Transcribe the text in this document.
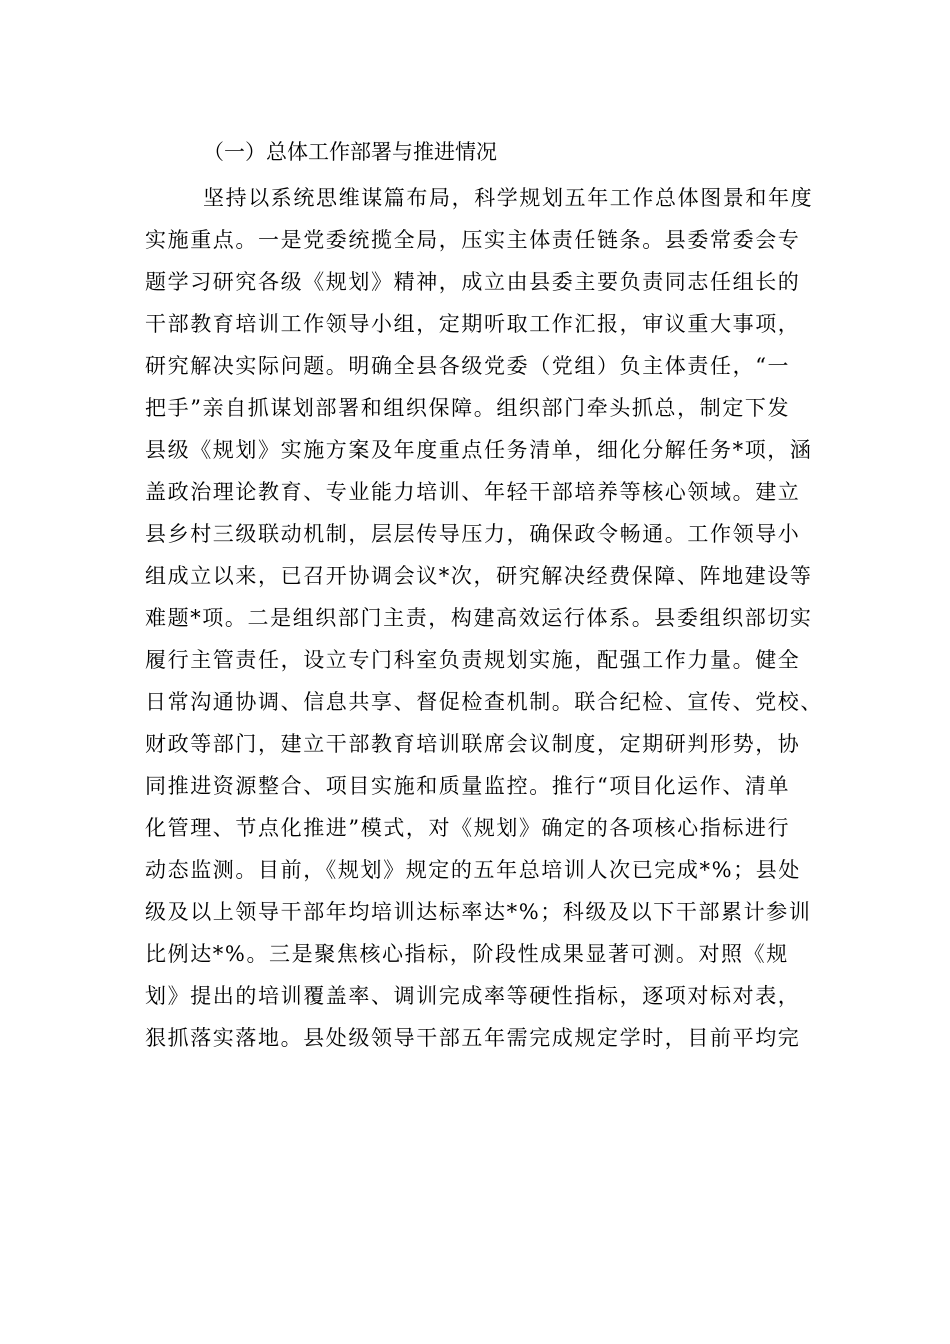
（一）总体工作部署与推进情况
坚持以系统思维谋篇布局，科学规划五年工作总体图景和年度
实施重点。一是党委统揽全局，压实主体责任链条。县委常委会专
题学习研究各级《规划》精神，成立由县委主要负责同志任组长的
干部教育培训工作领导小组，定期听取工作汇报，审议重大事项，
研究解决实际问题。明确全县各级党委（党组）负主体责任，“一
把手”亲自抓谋划部署和组织保障。组织部门牵头抓总，制定下发
县级《规划》实施方案及年度重点任务清单，细化分解任务*项，涵
盖政治理论教育、专业能力培训、年轻干部培养等核心领域。建立
县乡村三级联动机制，层层传导压力，确保政令畅通。工作领导小
组成立以来，已召开协调会议*次，研究解决经费保障、阵地建设等
难题*项。二是组织部门主责，构建高效运行体系。县委组织部切实
履行主管责任，设立专门科室负责规划实施，配强工作力量。健全
日常沟通协调、信息共享、督促检查机制。联合纪检、宣传、党校、
财政等部门，建立干部教育培训联席会议制度，定期研判形势，协
同推进资源整合、项目实施和质量监控。推行“项目化运作、清单
化管理、节点化推进”模式，对《规划》确定的各项核心指标进行
动态监测。目前，《规划》规定的五年总培训人次已完成*%；县处
级及以上领导干部年均培训达标率达*%；科级及以下干部累计参训
比例达*%。三是聚焦核心指标，阶段性成果显著可测。对照《规
划》提出的培训覆盖率、调训完成率等硬性指标，逐项对标对表，
狠抓落实落地。县处级领导干部五年需完成规定学时，目前平均完
